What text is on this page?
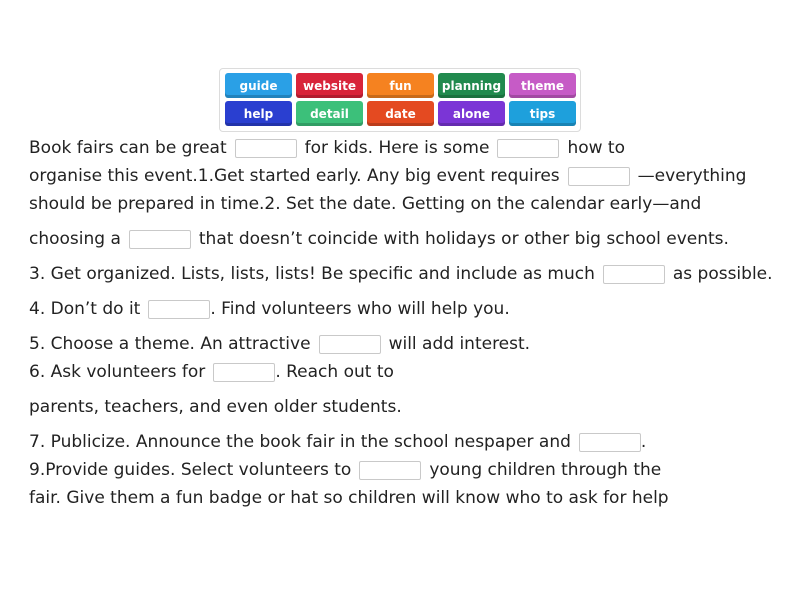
guide	website	fun	planning	theme
help	detail	date	alone	tips
Book fairs can be great	for kids. Here is some	how to
organise this event.1.Get started early. Any big event requires	—everything
should be prepared in time.2. Set the date. Getting on the calendar early—and
choosing a	that doesn’t coincide with holidays or other big school events.
3. Get organized. Lists, lists, lists! Be specific and include as much	as possible.
4. Don’t do it	. Find volunteers who will help you.
5. Choose a theme. An attractive	will add interest.
6. Ask volunteers for	. Reach out to
parents, teachers, and even older students.
7. Publicize. Announce the book fair in the school nespaper and	.
9.Provide guides. Select volunteers to	young children through the
fair. Give them a fun badge or hat so children will know who to ask for help
